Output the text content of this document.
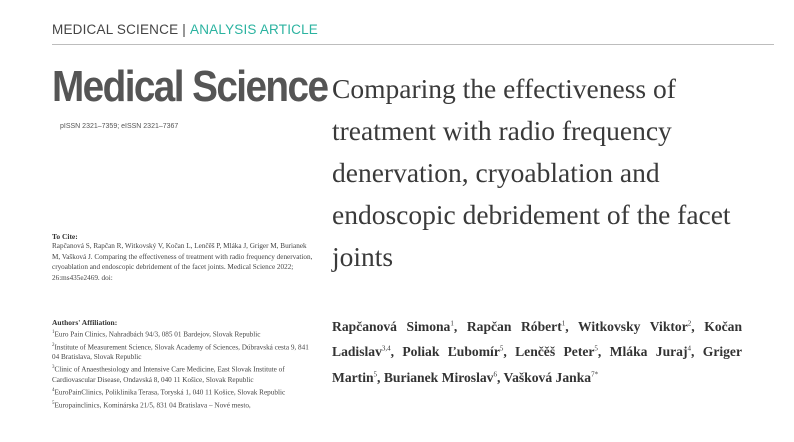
MEDICAL SCIENCE | ANALYSIS ARTICLE
Medical Science
pISSN 2321–7359; eISSN 2321–7367
To Cite:
Rapčanová S, Rapčan R, Witkovský V, Kočan L, Lenčěš P, Mláka J, Griger M, Burianek M, Vašková J. Comparing the effectiveness of treatment with radio frequency denervation, cryoablation and endoscopic debridement of the facet joints. Medical Science 2022; 26:ms435e2469. doi:
Authors' Affiliation:

$^1$Euro Pain Clinics, Nahradbách 94/3, 085 01 Bardejov, Slovak Republic

$^2$Institute of Measurement Science, Slovak Academy of Sciences, Dúbravská cesta 9, 841 04 Bratislava, Slovak Republic

$^3$Clinic of Anaesthesiology and Intensive Care Medicine, East Slovak Institute of Cardiovascular Disease, Ondavská 8, 040 11 Košice, Slovak Republic

$^4$EuroPainClinics, Poliklinika Terasa, Toryská 1, 040 11 Košice, Slovak Republic

$^5$Europainclinics, Kominárska 21/5, 831 04 Bratislava – Nové mesto,

Comparing the effectiveness of treatment with radio frequency denervation, cryoablation and endoscopic debridement of the facet joints
Rapčanová Simona$^1$, Rapčan Róbert$^1$, Witkovsky Viktor$^2$, Kočan Ladislav$^{3,4}$, Poliak Ľubomír$^5$, Lenčěš Peter$^5$, Mláka Juraj$^4$, Griger Martin$^5$, Burianek Miroslav$^6$, Vašková Janka$^{7*}$
